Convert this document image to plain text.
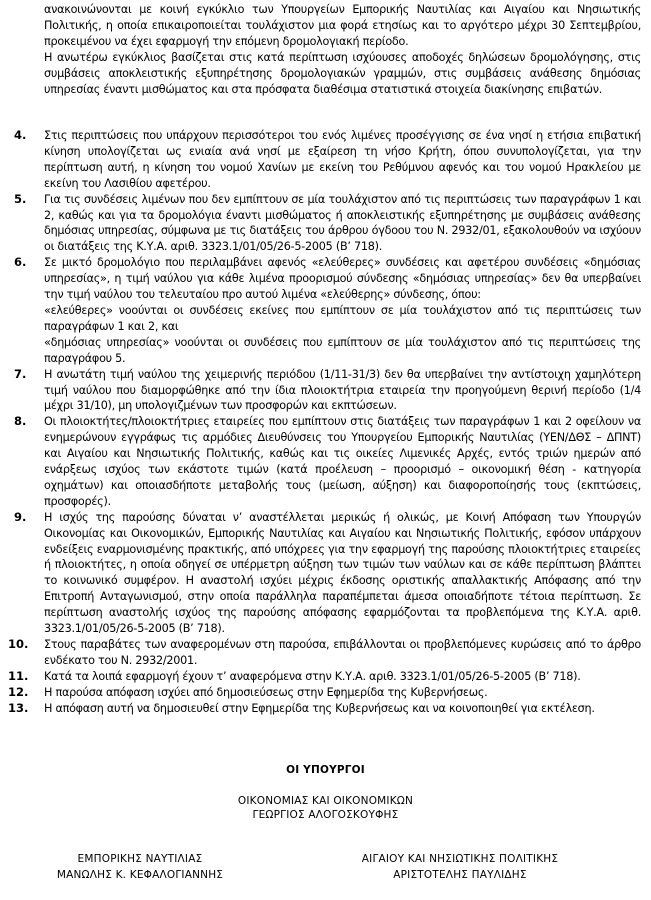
ανακοινώνονται με κοινή εγκύκλιο των Υπουργείων Εμπορικής Ναυτιλίας και Αιγαίου και Νησιωτικής Πολιτικής, η οποία επικαιροποιείται τουλάχιστον μια φορά ετησίως και το αργότερο μέχρι 30 Σεπτεμβρίου, προκειμένου να έχει εφαρμογή την επόμενη δρομολογιακή περίοδο.

Η ανωτέρω εγκύκλιος βασίζεται στις κατά περίπτωση ισχύουσες αποδοχές δηλώσεων δρομολόγησης, στις συμβάσεις αποκλειστικής εξυπηρέτησης δρομολογιακών γραμμών, στις συμβάσεις ανάθεσης δημόσιας υπηρεσίας έναντι μισθώματος και στα πρόσφατα διαθέσιμα στατιστικά στοιχεία διακίνησης επιβατών.

4. Στις περιπτώσεις που υπάρχουν περισσότεροι του ενός λιμένες προσέγγισης σε ένα νησί η ετήσια επιβατική κίνηση υπολογίζεται ως ενιαία ανά νησί με εξαίρεση τη νήσο Κρήτη, όπου συνυπολογίζεται, για την περίπτωση αυτή, η κίνηση του νομού Χανίων με εκείνη του Ρεθύμνου αφενός και του νομού Ηρακλείου με εκείνη του Λασιθίου αφετέρου.

5. Για τις συνδέσεις λιμένων που δεν εμπίπτουν σε μία τουλάχιστον από τις περιπτώσεις των παραγράφων 1 και 2, καθώς και για τα δρομολόγια έναντι μισθώματος ή αποκλειστικής εξυπηρέτησης με συμβάσεις ανάθεσης δημόσιας υπηρεσίας, σύμφωνα με τις διατάξεις του άρθρου όγδοου του Ν. 2932/01, εξακολουθούν να ισχύουν οι διατάξεις της Κ.Υ.Α. αριθ. 3323.1/01/05/26-5-2005 (Β’ 718).

6. Σε μικτό δρομολόγιο που περιλαμβάνει αφενός «ελεύθερες» συνδέσεις και αφετέρου συνδέσεις «δημόσιας υπηρεσίας», η τιμή ναύλου για κάθε λιμένα προορισμού σύνδεσης «δημόσιας υπηρεσίας» δεν θα υπερβαίνει την τιμή ναύλου του τελευταίου προ αυτού λιμένα «ελεύθερης» σύνδεσης, όπου:

«ελεύθερες» νοούνται οι συνδέσεις εκείνες που εμπίπτουν σε μία τουλάχιστον από τις περιπτώσεις των παραγράφων 1 και 2, και

«δημόσιας υπηρεσίας» νοούνται οι συνδέσεις που εμπίπτουν σε μία τουλάχιστον από τις περιπτώσεις της παραγράφου 5.

7. Η ανωτάτη τιμή ναύλου της χειμερινής περιόδου (1/11-31/3) δεν θα υπερβαίνει την αντίστοιχη χαμηλότερη τιμή ναύλου που διαμορφώθηκε από την ίδια πλοιοκτήτρια εταιρεία την προηγούμενη θερινή περίοδο (1/4 μέχρι 31/10), μη υπολογιζμένων των προσφορών και εκπτώσεων.

8. Οι πλοιοκτήτες/πλοιοκτήτριες εταιρείες που εμπίπτουν στις διατάξεις των παραγράφων 1 και 2 οφείλουν να ενημερώνουν εγγράφως τις αρμόδιες Διευθύνσεις του Υπουργείου Εμπορικής Ναυτιλίας (ΥΕΝ/ΔΘΣ – ΔΠΝΤ) και Αιγαίου και Νησιωτικής Πολιτικής, καθώς και τις οικείες Λιμενικές Αρχές, εντός τριών ημερών από ενάρξεως ισχύος των εκάστοτε τιμών (κατά προέλευση – προορισμό – οικονομική θέση - κατηγορία οχημάτων) και οποιασδήποτε μεταβολής τους (μείωση, αύξηση) και διαφοροποίησής τους (εκπτώσεις, προσφορές).

9. Η ισχύς της παρούσης δύναται ν’ αναστέλλεται μερικώς ή ολικώς, με Κοινή Απόφαση των Υπουργών Οικονομίας και Οικονομικών, Εμπορικής Ναυτιλίας και Αιγαίου και Νησιωτικής Πολιτικής, εφόσον υπάρχουν ενδείξεις εναρμονισμένης πρακτικής, από υπόχρεες για την εφαρμογή της παρούσης πλοιοκτήτριες εταιρείες ή πλοιοκτήτες, η οποία οδηγεί σε υπέρμετρη αύξηση των τιμών των ναύλων και σε κάθε περίπτωση βλάπτει το κοινωνικό συμφέρον. Η αναστολή ισχύει μέχρις έκδοσης οριστικής απαλλακτικής Απόφασης από την Επιτροπή Ανταγωνισμού, στην οποία παράλληλα παραπέμπεται άμεσα οποιαδήποτε τέτοια περίπτωση. Σε περίπτωση αναστολής ισχύος της παρούσης απόφασης εφαρμόζονται τα προβλεπόμενα της Κ.Υ.Α. αριθ. 3323.1/01/05/26-5-2005 (Β’ 718).

10. Στους παραβάτες των αναφερομένων στη παρούσα, επιβάλλονται οι προβλεπόμενες κυρώσεις από το άρθρο ενδέκατο του Ν. 2932/2001.

11. Κατά τα λοιπά εφαρμογή έχουν τ’ αναφερόμενα στην Κ.Υ.Α. αριθ. 3323.1/01/05/26-5-2005 (Β’ 718).

12. Η παρούσα απόφαση ισχύει από δημοσιεύσεως στην Εφημερίδα της Κυβερνήσεως.

13. Η απόφαση αυτή να δημοσιευθεί στην Εφημερίδα της Κυβερνήσεως και να κοινοποιηθεί για εκτέλεση.

ΟΙ ΥΠΟΥΡΓΟΙ
ΟΙΚΟΝΟΜΙΑΣ ΚΑΙ ΟΙΚΟΝΟΜΙΚΩΝ
ΓΕΩΡΓΙΟΣ ΑΛΟΓΟΣΚΟΥΦΗΣ
ΕΜΠΟΡΙΚΗΣ ΝΑΥΤΙΛΙΑΣ
ΜΑΝΩΛΗΣ Κ. ΚΕΦΑΛΟΓΙΑΝΝΗΣ
ΑΙΓΑΙΟΥ ΚΑΙ ΝΗΣΙΩΤΙΚΗΣ ΠΟΛΙΤΙΚΗΣ
ΑΡΙΣΤΟΤΕΛΗΣ ΠΑΥΛΙΔΗΣ
